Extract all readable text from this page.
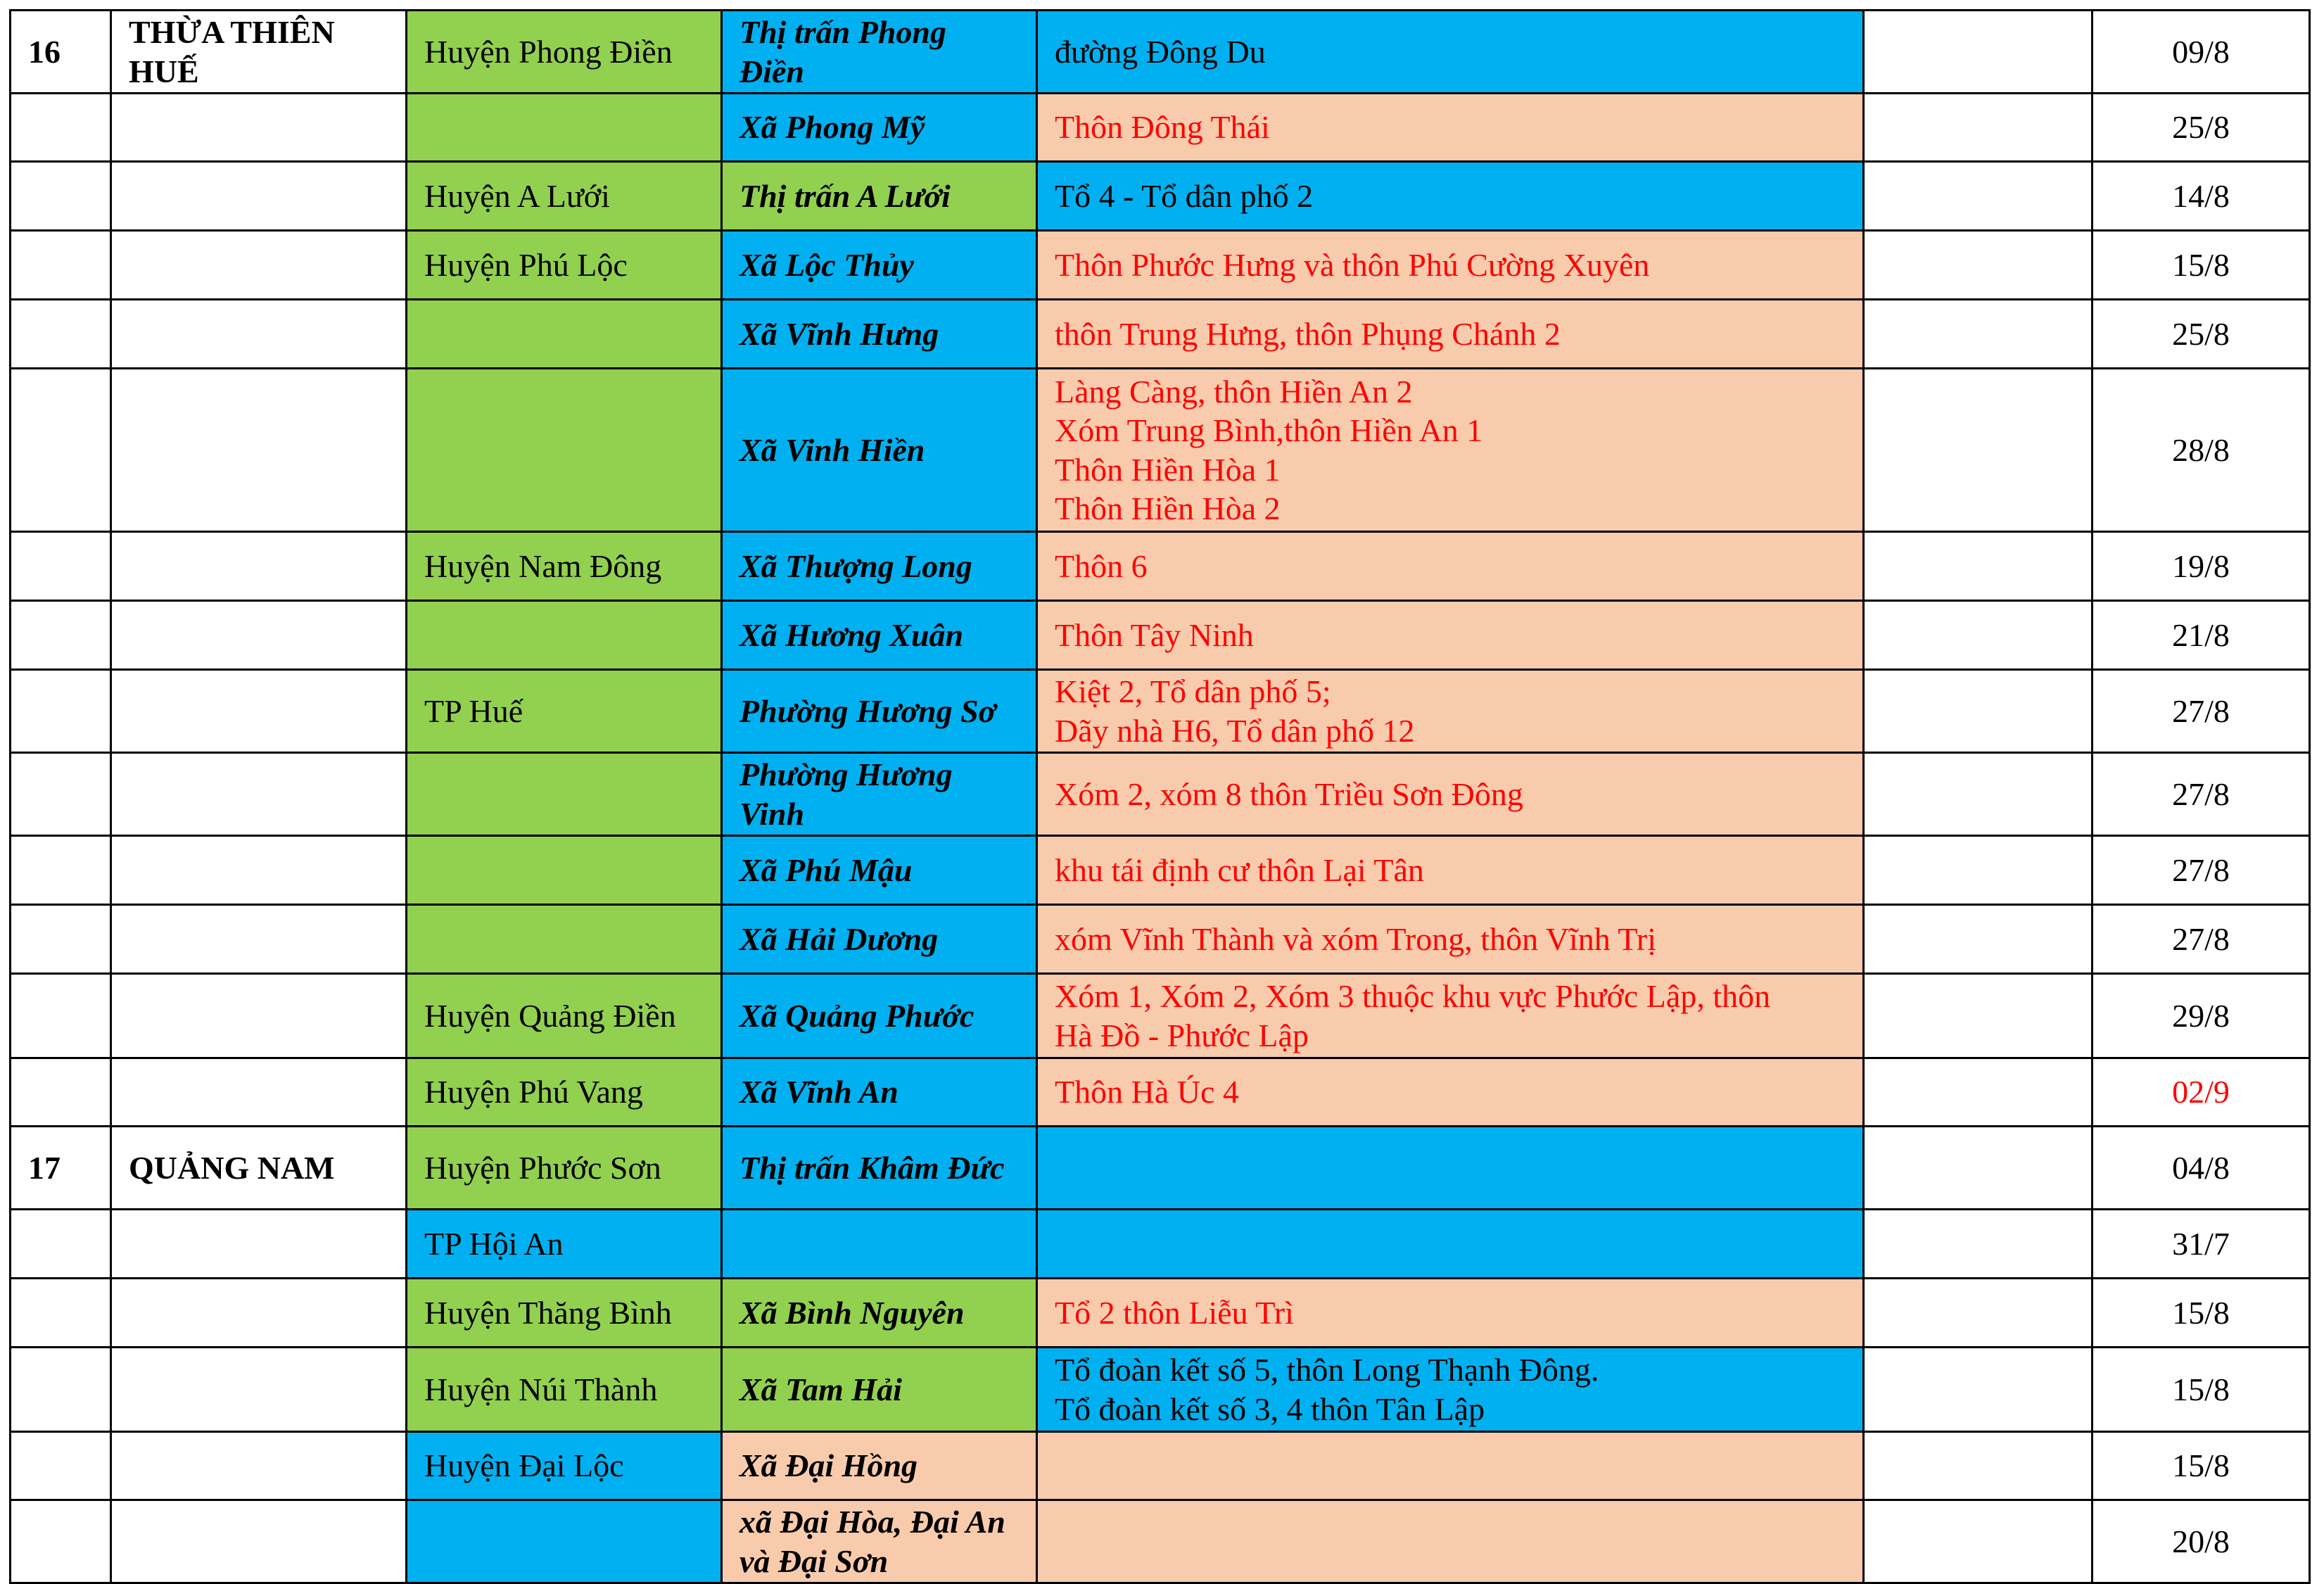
16	THỪA THIÊN HUẾ	Huyện Phong Điền	Thị trấn Phong Điền	đường Đông Du		09/8
			Xã Phong Mỹ	Thôn Đông Thái		25/8
		Huyện A Lưới	Thị trấn A Lưới	Tổ 4 - Tổ dân phố 2		14/8
		Huyện Phú Lộc	Xã Lộc Thủy	Thôn Phước Hưng và thôn Phú Cường Xuyên		15/8
			Xã Vĩnh Hưng	thôn Trung Hưng, thôn Phụng Chánh 2		25/8
			Xã Vinh Hiền	Làng Càng, thôn Hiền An 2
Xóm Trung Bình,thôn Hiền An 1
Thôn Hiền Hòa 1
Thôn Hiền Hòa 2		28/8
		Huyện Nam Đông	Xã Thượng Long	Thôn 6		19/8
			Xã Hương Xuân	Thôn Tây Ninh		21/8
		TP Huế	Phường Hương Sơ	Kiệt 2, Tổ dân phố 5;
Dãy nhà H6, Tổ dân phố 12		27/8
			Phường Hương Vinh	Xóm 2, xóm 8 thôn Triều Sơn Đông		27/8
			Xã Phú Mậu	khu tái định cư thôn Lại Tân		27/8
			Xã Hải Dương	xóm Vĩnh Thành và xóm Trong, thôn Vĩnh Trị		27/8
		Huyện Quảng Điền	Xã Quảng Phước	Xóm 1, Xóm 2, Xóm 3 thuộc khu vực Phước Lập, thôn
Hà Đồ - Phước Lập		29/8
		Huyện Phú Vang	Xã Vĩnh An	Thôn Hà Úc 4		02/9
17	QUẢNG NAM	Huyện Phước Sơn	Thị trấn Khâm Đức			04/8
		TP Hội An				31/7
		Huyện Thăng Bình	Xã Bình Nguyên	Tổ 2 thôn Liễu Trì		15/8
		Huyện Núi Thành	Xã Tam Hải	Tổ đoàn kết số 5, thôn Long Thạnh Đông.
Tổ đoàn kết số 3, 4 thôn Tân Lập		15/8
		Huyện Đại Lộc	Xã Đại Hồng			15/8
			xã Đại Hòa, Đại An và Đại Sơn			20/8
